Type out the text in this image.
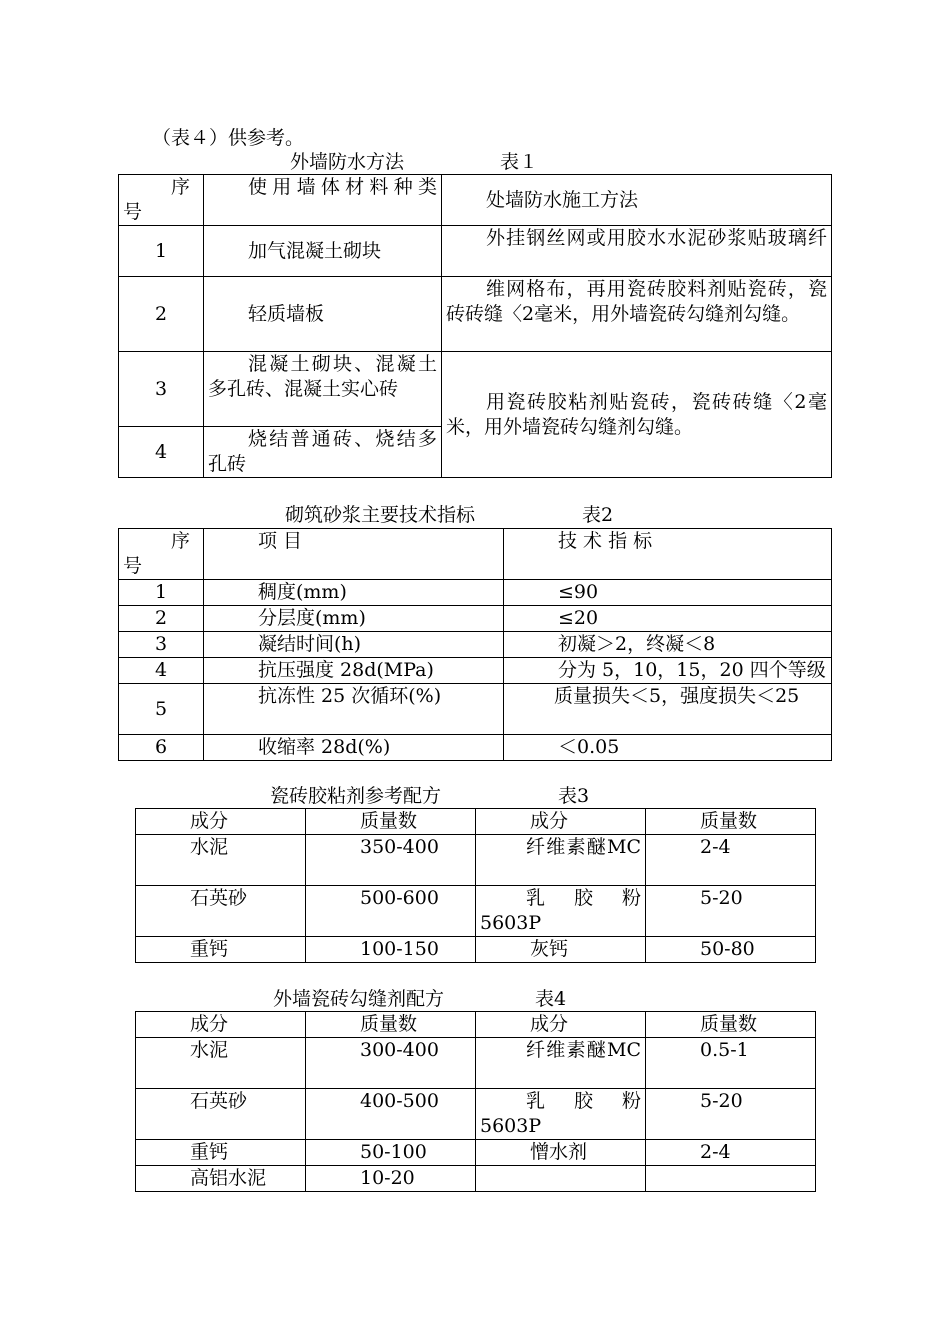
（表４）供参考。
外墙防水方法	表１
序号	使用墙体材料种类	处墙防水施工方法

1	加气混凝土砌块	外挂钢丝网或用胶水水泥砂浆贴玻璃纤

2	轻质墙板	维网格布，再用瓷砖胶料剂贴瓷砖，瓷砖砖缝〈2毫米，用外墙瓷砖勾缝剂勾缝。

3	混凝土砌块、混凝土多孔砖、混凝土实心砖	用瓷砖胶粘剂贴瓷砖，瓷砖砖缝〈2毫米，用外墙瓷砖勾缝剂勾缝。

4	烧结普通砖、烧结多孔砖	
砌筑砂浆主要技术指标	表2
序号	项 目	技 术 指 标

1	稠度(mm)	≤90

2	分层度(mm)	≤20

3	凝结时间(h)	初凝＞2，终凝＜8

4	抗压强度 28d(MPa)	分为 5，10，15，20 四个等级

5	抗冻性 25 次循环(%)	质量损失＜5，强度损失＜25

6	收缩率 28d(%)	＜0.05
瓷砖胶粘剂参考配方	表3
成分	质量数	成分	质量数

水泥	350-400	纤维素醚MC	2-4

石英砂	500-600	乳胶粉5603P	5-20

重钙	100-150	灰钙	50-80
外墙瓷砖勾缝剂配方	表4
成分	质量数	成分	质量数

水泥	300-400	纤维素醚MC	0.5-1

石英砂	400-500	乳胶粉5603P	5-20

重钙	50-100	憎水剂	2-4

高铝水泥	10-20		
